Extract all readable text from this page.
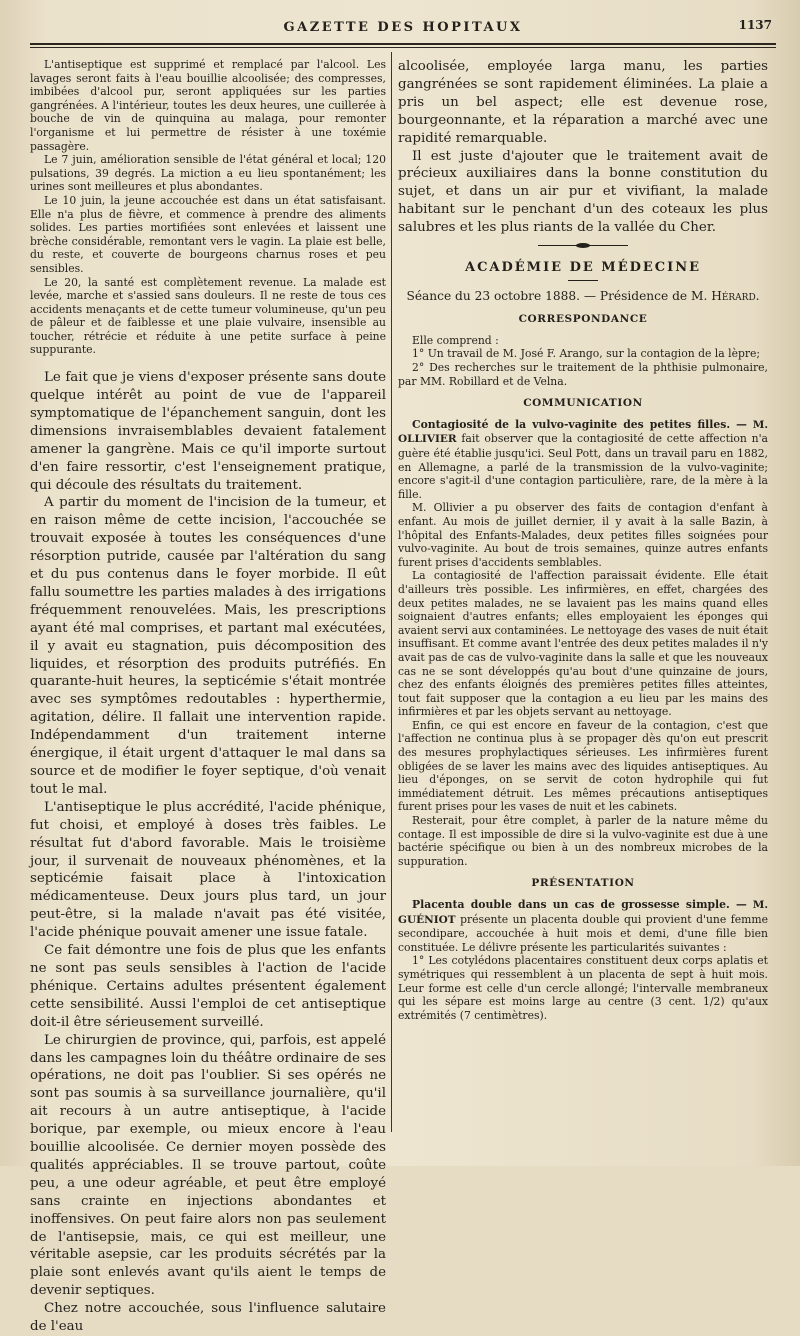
GAZETTE DES HOPITAUX	1137

L'antiseptique est supprimé et remplacé par l'alcool. Les lavages seront faits à l'eau bouillie alcoolisée; des compresses, imbibées d'alcool pur, seront appliquées sur les parties gangrénées. A l'intérieur, toutes les deux heures, une cuillerée à bouche de vin de quinquina au malaga, pour remonter l'organisme et lui permettre de résister à une toxémie passagère.

Le 7 juin, amélioration sensible de l'état général et local; 120 pulsations, 39 degrés. La miction a eu lieu spontanément; les urines sont meilleures et plus abondantes.

Le 10 juin, la jeune accouchée est dans un état satisfaisant. Elle n'a plus de fièvre, et commence à prendre des aliments solides. Les parties mortifiées sont enlevées et laissent une brèche considérable, remontant vers le vagin. La plaie est belle, du reste, et couverte de bourgeons charnus roses et peu sensibles.

Le 20, la santé est complètement revenue. La malade est levée, marche et s'assied sans douleurs. Il ne reste de tous ces accidents menaçants et de cette tumeur volumineuse, qu'un peu de pâleur et de faiblesse et une plaie vulvaire, insensible au toucher, rétrécie et réduite à une petite surface à peine suppurante.

Le fait que je viens d'exposer présente sans doute quelque intérêt au point de vue de l'appareil symptomatique de l'épanchement sanguin, dont les dimensions invraisemblables devaient fatalement amener la gangrène. Mais ce qu'il importe surtout d'en faire ressortir, c'est l'enseignement pratique, qui découle des résultats du traitement.

A partir du moment de l'incision de la tumeur, et en raison même de cette incision, l'accouchée se trouvait exposée à toutes les conséquences d'une résorption putride, causée par l'altération du sang et du pus contenus dans le foyer morbide. Il eût fallu soumettre les parties malades à des irrigations fréquemment renouvelées. Mais, les prescriptions ayant été mal comprises, et partant mal exécutées, il y avait eu stagnation, puis décomposition des liquides, et résorption des produits putréfiés. En quarante-huit heures, la septicémie s'était montrée avec ses symptômes redoutables : hyperthermie, agitation, délire. Il fallait une intervention rapide. Indépendamment d'un traitement interne énergique, il était urgent d'attaquer le mal dans sa source et de modifier le foyer septique, d'où venait tout le mal.

L'antiseptique le plus accrédité, l'acide phénique, fut choisi, et employé à doses très faibles. Le résultat fut d'abord favorable. Mais le troisième jour, il survenait de nouveaux phénomènes, et la septicémie faisait place à l'intoxication médicamenteuse. Deux jours plus tard, un jour peut-être, si la malade n'avait pas été visitée, l'acide phénique pouvait amener une issue fatale.

Ce fait démontre une fois de plus que les enfants ne sont pas seuls sensibles à l'action de l'acide phénique. Certains adultes présentent également cette sensibilité. Aussi l'emploi de cet antiseptique doit-il être sérieusement surveillé.

Le chirurgien de province, qui, parfois, est appelé dans les campagnes loin du théâtre ordinaire de ses opérations, ne doit pas l'oublier. Si ses opérés ne sont pas soumis à sa surveillance journalière, qu'il ait recours à un autre antiseptique, à l'acide borique, par exemple, ou mieux encore à l'eau bouillie alcoolisée. Ce dernier moyen possède des qualités appréciables. Il se trouve partout, coûte peu, a une odeur agréable, et peut être employé sans crainte en injections abondantes et inoffensives. On peut faire alors non pas seulement de l'antisepsie, mais, ce qui est meilleur, une véritable asepsie, car les produits sécrétés par la plaie sont enlevés avant qu'ils aient le temps de devenir septiques.

Chez notre accouchée, sous l'influence salutaire de l'eau

alcoolisée, employée larga manu, les parties gangrénées se sont rapidement éliminées. La plaie a pris un bel aspect; elle est devenue rose, bourgeonnante, et la réparation a marché avec une rapidité remarquable.

Il est juste d'ajouter que le traitement avait de précieux auxiliaires dans la bonne constitution du sujet, et dans un air pur et vivifiant, la malade habitant sur le penchant d'un des coteaux les plus salubres et les plus riants de la vallée du Cher.

ACADÉMIE DE MÉDECINE
Séance du 23 octobre 1888. — Présidence de M. Hérard.
CORRESPONDANCE

Elle comprend :

1° Un travail de M. José F. Arango, sur la contagion de la lèpre;

2° Des recherches sur le traitement de la phthisie pulmonaire, par MM. Robillard et de Velna.

COMMUNICATION

Contagiosité de la vulvo-vaginite des petites filles. — M. OLLIVIER fait observer que la contagiosité de cette affection n'a guère été établie jusqu'ici. Seul Pott, dans un travail paru en 1882, en Allemagne, a parlé de la transmission de la vulvo-vaginite; encore s'agit-il d'une contagion particulière, rare, de la mère à la fille.

M. Ollivier a pu observer des faits de contagion d'enfant à enfant. Au mois de juillet dernier, il y avait à la salle Bazin, à l'hôpital des Enfants-Malades, deux petites filles soignées pour vulvo-vaginite. Au bout de trois semaines, quinze autres enfants furent prises d'accidents semblables.

La contagiosité de l'affection paraissait évidente. Elle était d'ailleurs très possible. Les infirmières, en effet, chargées des deux petites malades, ne se lavaient pas les mains quand elles soignaient d'autres enfants; elles employaient les éponges qui avaient servi aux contaminées. Le nettoyage des vases de nuit était insuffisant. Et comme avant l'entrée des deux petites malades il n'y avait pas de cas de vulvo-vaginite dans la salle et que les nouveaux cas ne se sont développés qu'au bout d'une quinzaine de jours, chez des enfants éloignés des premières petites filles atteintes, tout fait supposer que la contagion a eu lieu par les mains des infirmières et par les objets servant au nettoyage.

Enfin, ce qui est encore en faveur de la contagion, c'est que l'affection ne continua plus à se propager dès qu'on eut prescrit des mesures prophylactiques sérieuses. Les infirmières furent obligées de se laver les mains avec des liquides antiseptiques. Au lieu d'éponges, on se servit de coton hydrophile qui fut immédiatement détruit. Les mêmes précautions antiseptiques furent prises pour les vases de nuit et les cabinets.

Resterait, pour être complet, à parler de la nature même du contage. Il est impossible de dire si la vulvo-vaginite est due à une bactérie spécifique ou bien à un des nombreux microbes de la suppuration.

PRÉSENTATION

Placenta double dans un cas de grossesse simple. — M. GUÉNIOT présente un placenta double qui provient d'une femme secondipare, accouchée à huit mois et demi, d'une fille bien constituée. Le délivre présente les particularités suivantes :

1° Les cotylédons placentaires constituent deux corps aplatis et symétriques qui ressemblent à un placenta de sept à huit mois. Leur forme est celle d'un cercle allongé; l'intervalle membraneux qui les sépare est moins large au centre (3 cent. 1/2) qu'aux extrémités (7 centimètres).
